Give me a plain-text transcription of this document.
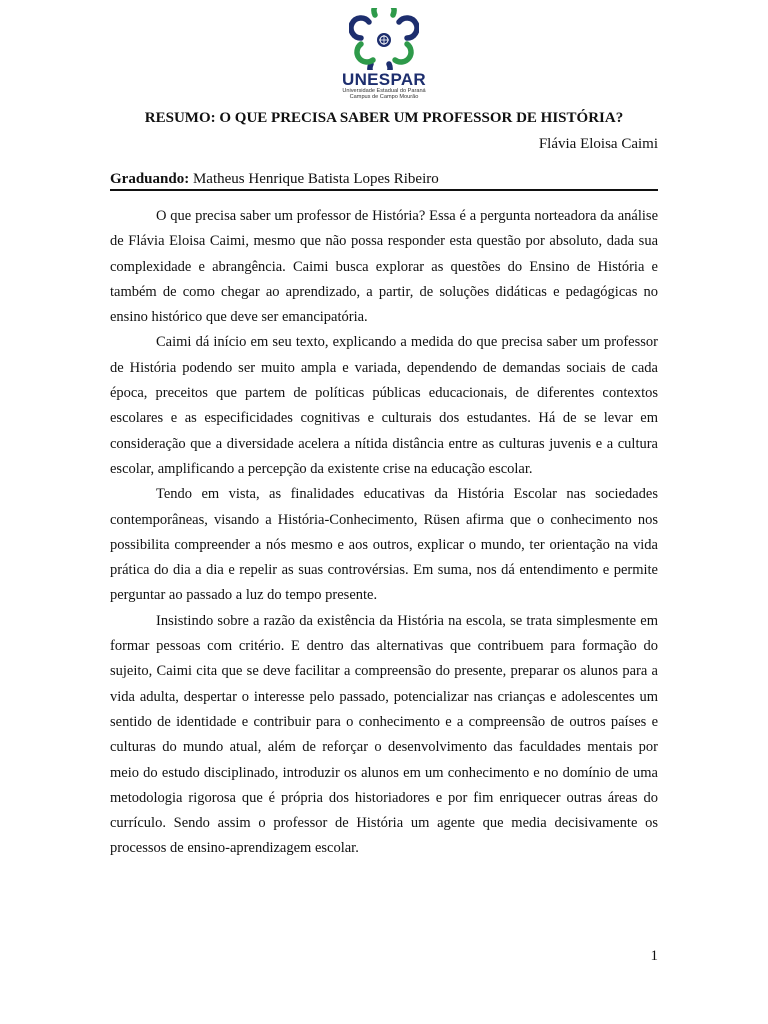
UNESPAR
Universidade Estadual do Paraná
Campus de Campo Mourão
RESUMO: O QUE PRECISA SABER UM PROFESSOR DE HISTÓRIA?
Flávia Eloisa Caimi
Graduando: Matheus Henrique Batista Lopes Ribeiro

O que precisa saber um professor de História? Essa é a pergunta norteadora da análise de Flávia Eloisa Caimi, mesmo que não possa responder esta questão por absoluto, dada sua complexidade e abrangência. Caimi busca explorar as questões do Ensino de História e também de como chegar ao aprendizado, a partir, de soluções didáticas e pedagógicas no ensino histórico que deve ser emancipatória.

Caimi dá início em seu texto, explicando a medida do que precisa saber um professor de História podendo ser muito ampla e variada, dependendo de demandas sociais de cada época, preceitos que partem de políticas públicas educacionais, de diferentes contextos escolares e as especificidades cognitivas e culturais dos estudantes. Há de se levar em consideração que a diversidade acelera a nítida distância entre as culturas juvenis e a cultura escolar, amplificando a percepção da existente crise na educação escolar.

Tendo em vista, as finalidades educativas da História Escolar nas sociedades contemporâneas, visando a História-Conhecimento, Rüsen afirma que o conhecimento nos possibilita compreender a nós mesmo e aos outros, explicar o mundo, ter orientação na vida prática do dia a dia e repelir as suas controvérsias. Em suma, nos dá entendimento e permite perguntar ao passado a luz do tempo presente.

Insistindo sobre a razão da existência da História na escola, se trata simplesmente em formar pessoas com critério. E dentro das alternativas que contribuem para formação do sujeito, Caimi cita que se deve facilitar a compreensão do presente, preparar os alunos para a vida adulta, despertar o interesse pelo passado, potencializar nas crianças e adolescentes um sentido de identidade e contribuir para o conhecimento e a compreensão de outros países e culturas do mundo atual, além de reforçar o desenvolvimento das faculdades mentais por meio do estudo disciplinado, introduzir os alunos em um conhecimento e no domínio de uma metodologia rigorosa que é própria dos historiadores e por fim enriquecer outras áreas do currículo. Sendo assim o professor de História um agente que media decisivamente os processos de ensino-aprendizagem escolar.

1
